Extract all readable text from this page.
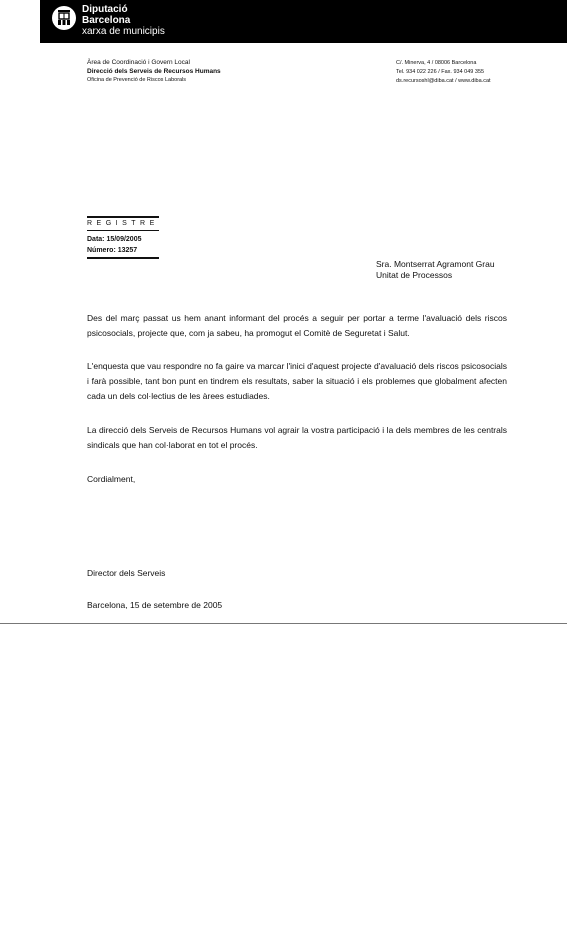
Diputació
Barcelona
xarxa de municipis
Àrea de Coordinació i Govern Local
Direcció dels Serveis de Recursos Humans
Oficina de Prevenció de Riscos Laborals
C/. Minerva, 4 / 08006 Barcelona
Tel. 934 022 226 / Fax. 934 049 355
ds.recursoshl@diba.cat / www.diba.cat
REGISTRE
Data: 15/09/2005
Número: 13257
Sra. Montserrat Agramont Grau
Unitat de Processos
Des del març passat us hem anant informant del procés a seguir per portar a terme l'avaluació dels riscos psicosocials, projecte que, com ja sabeu, ha promogut el Comitè de Seguretat i Salut.
L'enquesta que vau respondre no fa gaire va marcar l'inici d'aquest projecte d'avaluació dels riscos psicosocials i farà possible, tant bon punt en tindrem els resultats, saber la situació i els problemes que globalment afecten cada un dels col·lectius de les àrees estudiades.
La direcció dels Serveis de Recursos Humans vol agrair la vostra participació i la dels membres de les centrals sindicals que han col·laborat en tot el procés.
Cordialment,
Director dels Serveis
Barcelona, 15 de setembre de 2005
